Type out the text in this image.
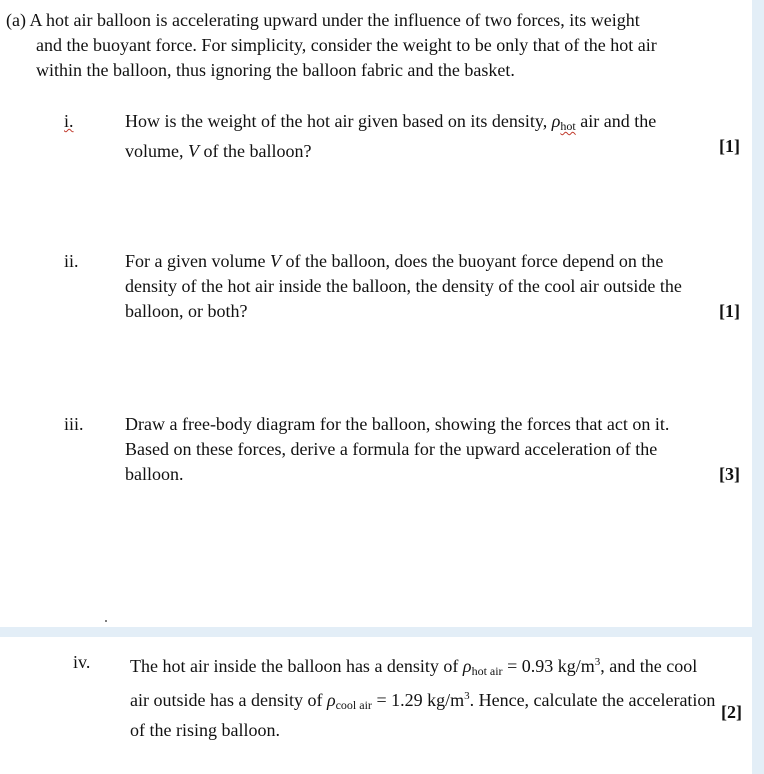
(a) A hot air balloon is accelerating upward under the influence of two forces, its weight
and the buoyant force. For simplicity, consider the weight to be only that of the hot air
within the balloon, thus ignoring the balloon fabric and the basket.
i.	How is the weight of the hot air given based on its density, $\rho_{hot}$ air and the
volume, V of the balloon?	[1]
ii.	For a given volume V of the balloon, does the buoyant force depend on the
density of the hot air inside the balloon, the density of the cool air outside the
balloon, or both?	[1]
iii. Draw a free-body diagram for the balloon, showing the forces that act on it.
Based on these forces, derive a formula for the upward acceleration of the
balloon.	[3]
iv. The hot air inside the balloon has a density of $\rho_{hot air} = 0.93$ $kg/m^3$, and the cool
air outside has a density of $\rho_{cool air} = 1.29$ $kg/m^3$. Hence, calculate the acceleration
of the rising balloon.
[2]
